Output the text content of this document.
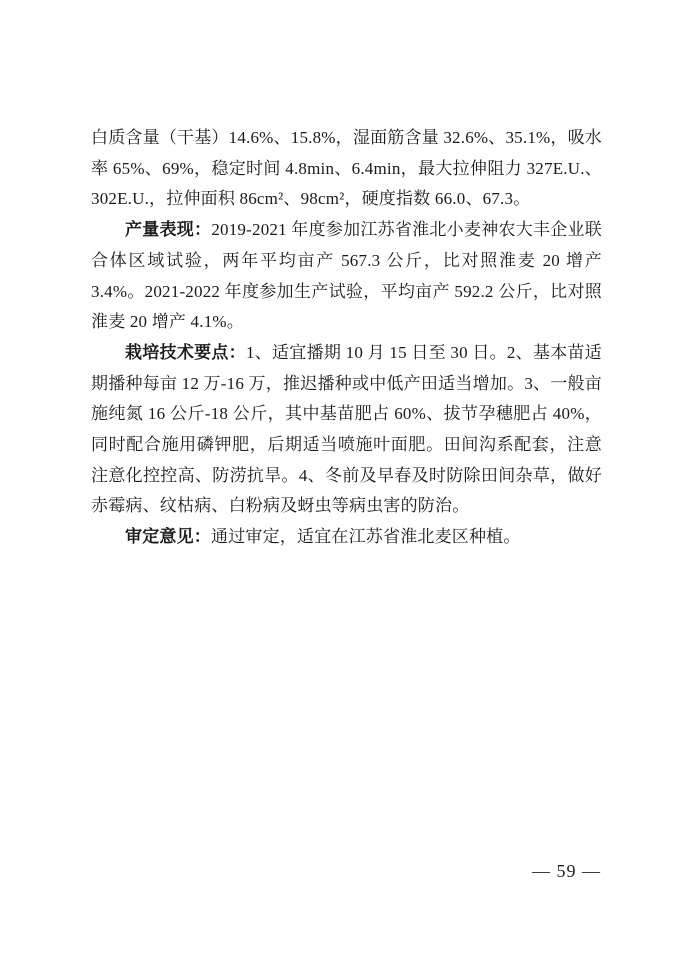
白质含量（干基）14.6%、15.8%，湿面筋含量 32.6%、35.1%，吸水率 65%、69%，稳定时间 4.8min、6.4min，最大拉伸阻力 327E.U.、302E.U.，拉伸面积 86cm²、98cm²，硬度指数 66.0、67.3。

产量表现：2019-2021 年度参加江苏省淮北小麦神农大丰企业联合体区域试验，两年平均亩产 567.3 公斤，比对照淮麦 20 增产 3.4%。2021-2022 年度参加生产试验，平均亩产 592.2 公斤，比对照淮麦 20 增产 4.1%。

栽培技术要点：1、适宜播期 10 月 15 日至 30 日。2、基本苗适期播种每亩 12 万-16 万，推迟播种或中低产田适当增加。3、一般亩施纯氮 16 公斤-18 公斤，其中基苗肥占 60%、拔节孕穗肥占 40%，同时配合施用磷钾肥，后期适当喷施叶面肥。田间沟系配套，注意注意化控控高、防涝抗旱。4、冬前及早春及时防除田间杂草，做好赤霉病、纹枯病、白粉病及蚜虫等病虫害的防治。

审定意见：通过审定，适宜在江苏省淮北麦区种植。

— 59 —
